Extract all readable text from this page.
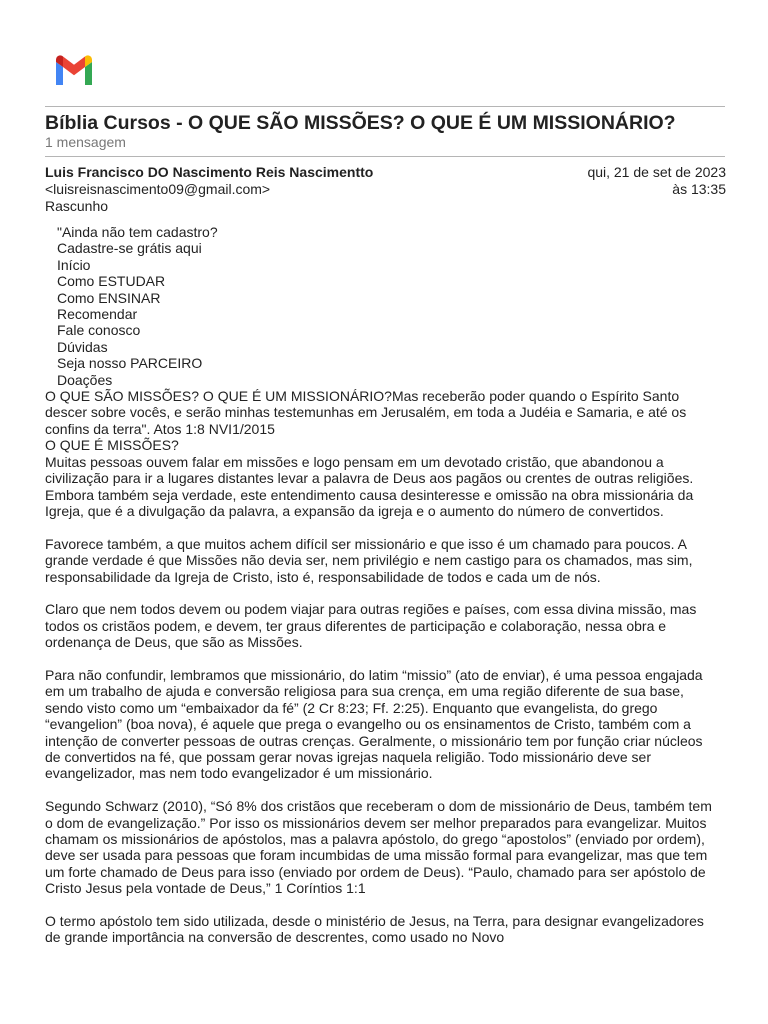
Bíblia Cursos - O QUE SÃO MISSÕES? O QUE É UM MISSIONÁRIO?
1 mensagem
Luis Francisco DO Nascimento Reis Nascimentto
<luisreisnascimento09@gmail.com>
Rascunho
qui, 21 de set de 2023
às 13:35
"Ainda não tem cadastro?
Cadastre-se grátis aqui
Início
Como ESTUDAR
Como ENSINAR
Recomendar
Fale conosco
Dúvidas
Seja nosso PARCEIRO
Doações

O QUE SÃO MISSÕES? O QUE É UM MISSIONÁRIO?Mas receberão poder quando o Espírito Santo descer sobre vocês, e serão minhas testemunhas em Jerusalém, em toda a Judéia e Samaria, e até os confins da terra". Atos 1:8 NVI1/2015

O QUE É MISSÕES?

Muitas pessoas ouvem falar em missões e logo pensam em um devotado cristão, que abandonou a civilização para ir a lugares distantes levar a palavra de Deus aos pagãos ou crentes de outras religiões. Embora também seja verdade, este entendimento causa desinteresse e omissão na obra missionária da Igreja, que é a divulgação da palavra, a expansão da igreja e o aumento do número de convertidos.

Favorece também, a que muitos achem difícil ser missionário e que isso é um chamado para poucos. A grande verdade é que Missões não devia ser, nem privilégio e nem castigo para os chamados, mas sim, responsabilidade da Igreja de Cristo, isto é, responsabilidade de todos e cada um de nós.

Claro que nem todos devem ou podem viajar para outras regiões e países, com essa divina missão, mas todos os cristãos podem, e devem, ter graus diferentes de participação e colaboração, nessa obra e ordenança de Deus, que são as Missões.

Para não confundir, lembramos que missionário, do latim “missio” (ato de enviar), é uma pessoa engajada em um trabalho de ajuda e conversão religiosa para sua crença, em uma região diferente de sua base, sendo visto como um “embaixador da fé” (2 Cr 8:23; Ff. 2:25). Enquanto que evangelista, do grego “evangelion” (boa nova), é aquele que prega o evangelho ou os ensinamentos de Cristo, também com a intenção de converter pessoas de outras crenças. Geralmente, o missionário tem por função criar núcleos de convertidos na fé, que possam gerar novas igrejas naquela religião. Todo missionário deve ser evangelizador, mas nem todo evangelizador é um missionário.

Segundo Schwarz (2010), “Só 8% dos cristãos que receberam o dom de missionário de Deus, também tem o dom de evangelização.” Por isso os missionários devem ser melhor preparados para evangelizar. Muitos chamam os missionários de apóstolos, mas a palavra apóstolo, do grego “apostolos” (enviado por ordem), deve ser usada para pessoas que foram incumbidas de uma missão formal para evangelizar, mas que tem um forte chamado de Deus para isso (enviado por ordem de Deus). “Paulo, chamado para ser apóstolo de Cristo Jesus pela vontade de Deus,” 1 Coríntios 1:1

O termo apóstolo tem sido utilizada, desde o ministério de Jesus, na Terra, para designar evangelizadores de grande importância na conversão de descrentes, como usado no Novo
